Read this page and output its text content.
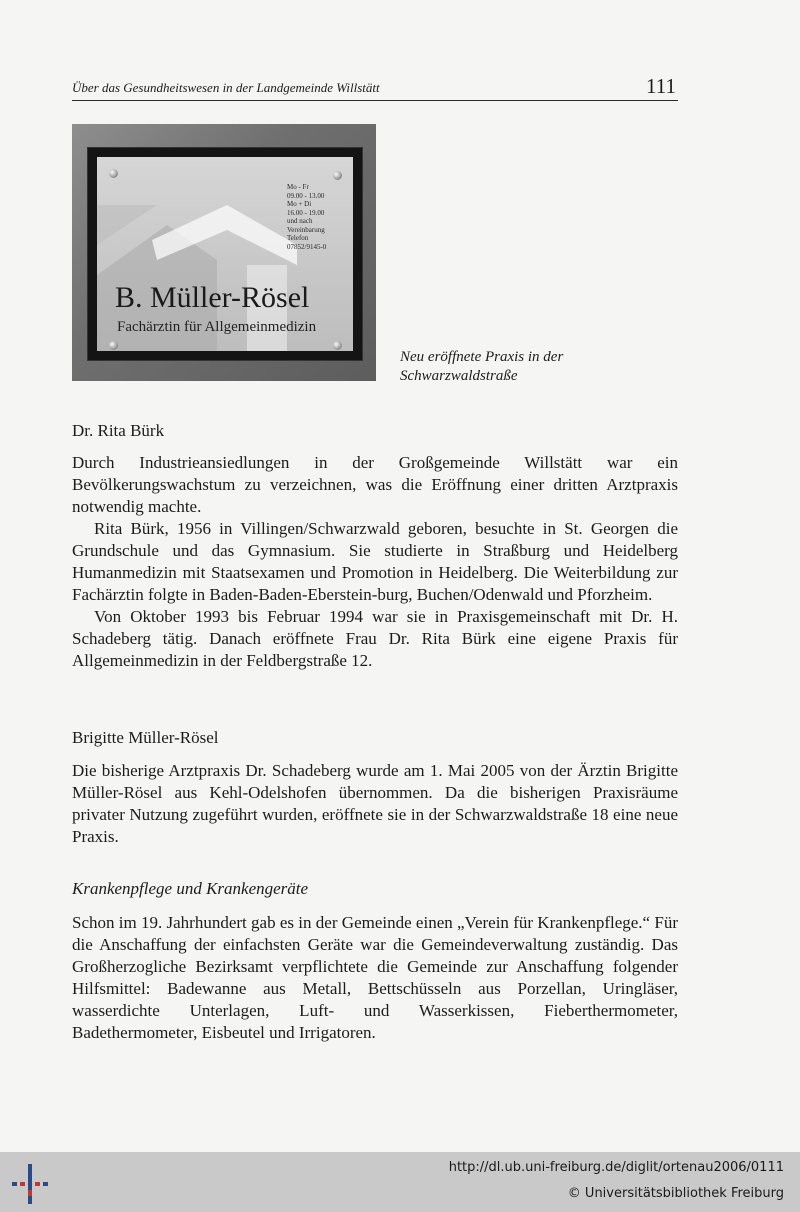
Über das Gesundheitswesen in der Landgemeinde Willstätt	111
Mo - Fr
09.00 - 13.00
Mo + Di
16.00 - 19.00
und nach
Vereinbarung
Telefon
07852/9145-0
B. Müller-Rösel
Fachärztin für Allgemeinmedizin
Neu eröffnete Praxis in der
Schwarzwaldstraße
Dr. Rita Bürk

Durch Industrieansiedlungen in der Großgemeinde Willstätt war ein Bevölkerungswachstum zu verzeichnen, was die Eröffnung einer dritten Arztpraxis notwendig machte.

Rita Bürk, 1956 in Villingen/Schwarzwald geboren, besuchte in St. Georgen die Grundschule und das Gymnasium. Sie studierte in Straßburg und Heidelberg Humanmedizin mit Staatsexamen und Promotion in Heidelberg. Die Weiterbildung zur Fachärztin folgte in Baden-Baden-Eberstein-burg, Buchen/Odenwald und Pforzheim.

Von Oktober 1993 bis Februar 1994 war sie in Praxisgemeinschaft mit Dr. H. Schadeberg tätig. Danach eröffnete Frau Dr. Rita Bürk eine eigene Praxis für Allgemeinmedizin in der Feldbergstraße 12.

Brigitte Müller-Rösel

Die bisherige Arztpraxis Dr. Schadeberg wurde am 1. Mai 2005 von der Ärztin Brigitte Müller-Rösel aus Kehl-Odelshofen übernommen. Da die bisherigen Praxisräume privater Nutzung zugeführt wurden, eröffnete sie in der Schwarzwaldstraße 18 eine neue Praxis.

Krankenpflege und Krankengeräte

Schon im 19. Jahrhundert gab es in der Gemeinde einen „Verein für Krankenpflege.“ Für die Anschaffung der einfachsten Geräte war die Gemeindeverwaltung zuständig. Das Großherzogliche Bezirksamt verpflichtete die Gemeinde zur Anschaffung folgender Hilfsmittel: Badewanne aus Metall, Bettschüsseln aus Porzellan, Uringläser, wasserdichte Unterlagen, Luft- und Wasserkissen, Fieberthermometer, Badethermometer, Eisbeutel und Irrigatoren.

http://dl.ub.uni-freiburg.de/diglit/ortenau2006/0111
© Universitätsbibliothek Freiburg
